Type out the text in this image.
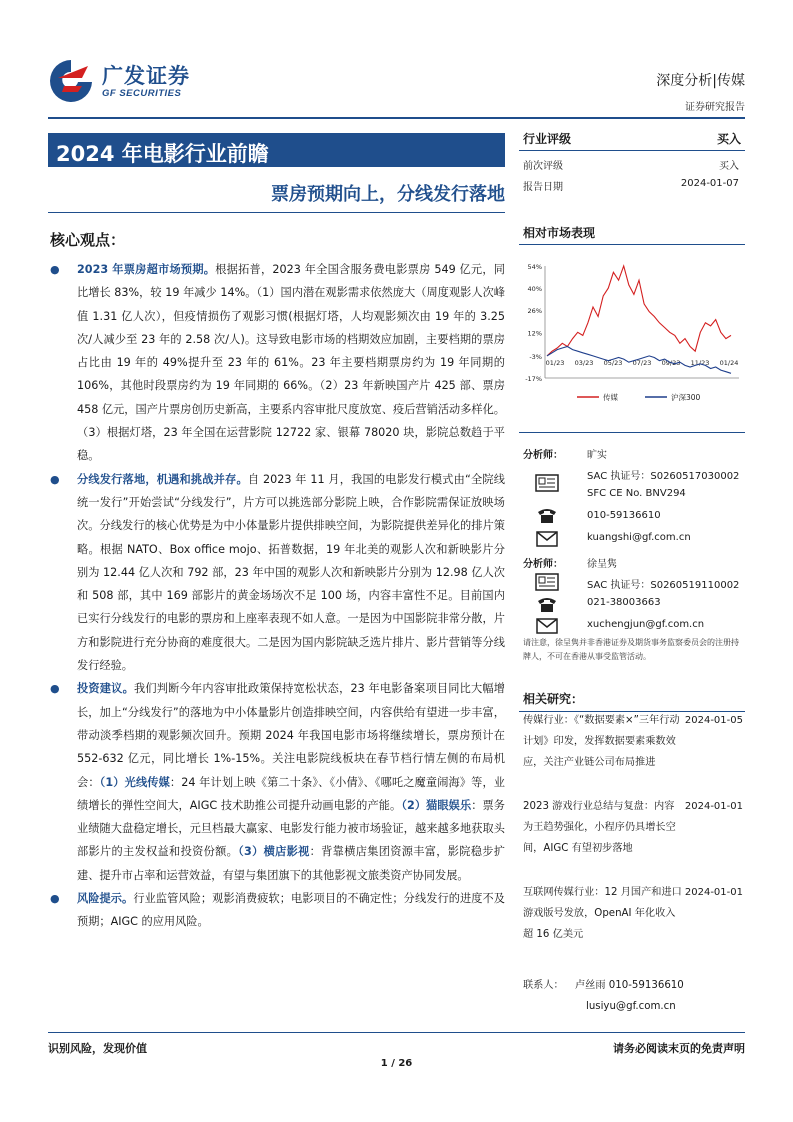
广发证券
GF SECURITIES
深度分析|传媒
证券研究报告
2024 年电影行业前瞻
票房预期向上，分线发行落地
核心观点：
● 2023 年票房超市场预期。根据拓普，2023 年全国含服务费电影票房 549 亿元，同比增长 83%，较 19 年减少 14%。（1）国内潜在观影需求依然庞大（周度观影人次峰值 1.31 亿人次），但疫情损伤了观影习惯(根据灯塔，人均观影频次由 19 年的 3.25 次/人减少至 23 年的 2.58 次/人)。这导致电影市场的档期效应加剧，主要档期的票房占比由 19 年的 49%提升至 23 年的 61%。23 年主要档期票房约为 19 年同期的 106%，其他时段票房约为 19 年同期的 66%。（2）23 年新映国产片 425 部、票房 458 亿元，国产片票房创历史新高，主要系内容审批尺度放宽、疫后营销活动多样化。（3）根据灯塔，23 年全国在运营影院 12722 家、银幕 78020 块，影院总数趋于平稳。
● 分线发行落地，机遇和挑战并存。自 2023 年 11 月，我国的电影发行模式由“全院线统一发行”开始尝试“分线发行”，片方可以挑选部分影院上映，合作影院需保证放映场次。分线发行的核心优势是为中小体量影片提供排映空间，为影院提供差异化的排片策略。根据 NATO、Box office mojo、拓普数据，19 年北美的观影人次和新映影片分别为 12.44 亿人次和 792 部，23 年中国的观影人次和新映影片分别为 12.98 亿人次和 508 部，其中 169 部影片的黄金场场次不足 100 场，内容丰富性不足。目前国内已实行分线发行的电影的票房和上座率表现不如人意。一是因为中国影院非常分散，片方和影院进行充分协商的难度很大。二是因为国内影院缺乏选片排片、影片营销等分线发行经验。
● 投资建议。我们判断今年内容审批政策保持宽松状态，23 年电影备案项目同比大幅增长，加上“分线发行”的落地为中小体量影片创造排映空间，内容供给有望进一步丰富，带动淡季档期的观影频次回升。预期 2024 年我国电影市场将继续增长，票房预计在 552-632 亿元，同比增长 1%-15%。关注电影院线板块在春节档行情左侧的布局机会：（1）光线传媒：24 年计划上映《第二十条》、《小倩》、《哪吒之魔童闹海》等，业绩增长的弹性空间大，AIGC 技术助推公司提升动画电影的产能。（2）猫眼娱乐：票务业绩随大盘稳定增长，元旦档最大赢家、电影发行能力被市场验证，越来越多地获取头部影片的主发权益和投资份额。（3）横店影视：背靠横店集团资源丰富，影院稳步扩建、提升市占率和运营效益，有望与集团旗下的其他影视文旅类资产协同发展。
● 风险提示。行业监管风险；观影消费疲软；电影项目的不确定性；分线发行的进度不及预期；AIGC 的应用风险。
行业评级	买入
前次评级	买入
报告日期	2024-01-07
相对市场表现
54%
40%
26%
12%
-3%
-17%
01/23 03/23 05/23 07/23 09/23 11/23 01/24
传媒	沪深300
分析师： 旷实
SAC 执证号：S0260517030002
SFC CE No. BNV294
010-59136610
kuangshi@gf.com.cn
分析师： 徐呈隽
SAC 执证号：S0260519110002
021-38003663
xuchengjun@gf.com.cn
请注意，徐呈隽并非香港证券及期货事务监察委员会的注册持牌人，不可在香港从事受监管活动。
相关研究：
传媒行业：《“数据要素×”三年行动计划》印发，发挥数据要素乘数效应，关注产业链公司布局推进
2024-01-05
2023 游戏行业总结与复盘：内容为王趋势强化，小程序仍具增长空间，AIGC 有望初步落地
2024-01-01
互联网传媒行业：12 月国产和进口游戏版号发放，OpenAI 年化收入超 16 亿美元
2024-01-01
联系人： 卢丝雨 010-59136610
lusiyu@gf.com.cn
识别风险，发现价值	请务必阅读末页的免责声明
1 / 26
